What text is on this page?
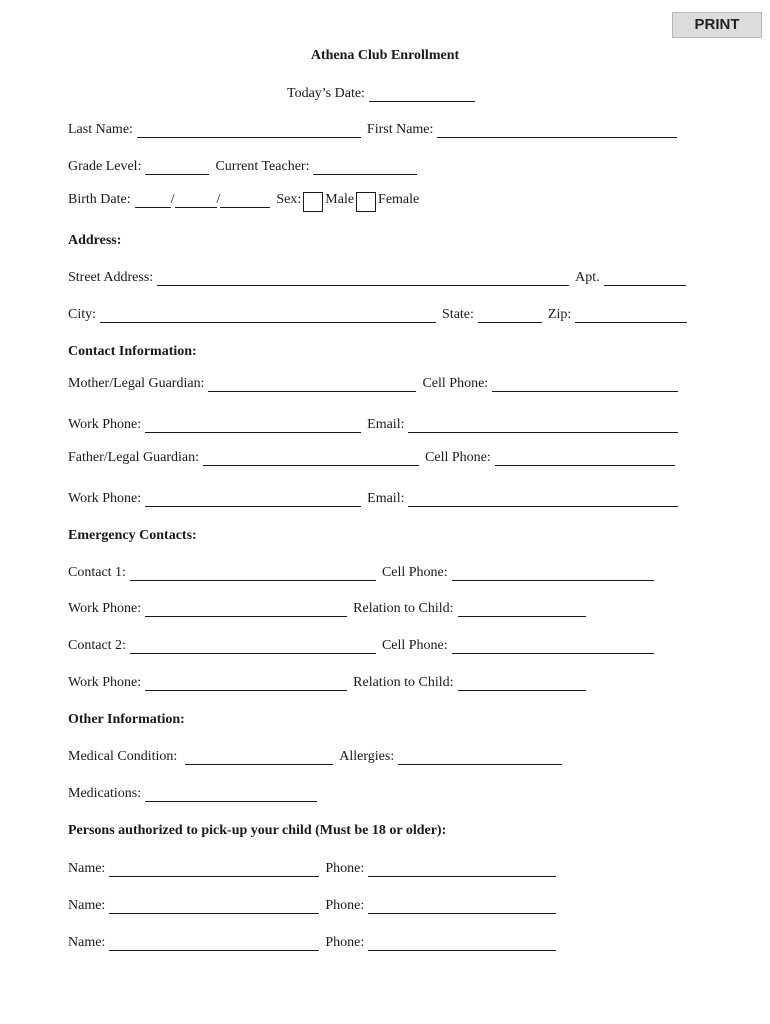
PRINT
Athena Club Enrollment
Today’s Date:
Last Name:	First Name:
Grade Level:	Current Teacher:
Birth Date:	/	/	Sex: Male Female
Address:
Street Address:	Apt.
City:	State:	Zip:
Contact Information:
Mother/Legal Guardian:	Cell Phone:
Work Phone:	Email:
Father/Legal Guardian:	Cell Phone:
Work Phone:	Email:
Emergency Contacts:
Contact 1:	Cell Phone:
Work Phone:	Relation to Child:
Contact 2:	Cell Phone:
Work Phone:	Relation to Child:
Other Information:
Medical Condition:	Allergies:
Medications:
Persons authorized to pick-up your child (Must be 18 or older):
Name:	Phone:
Name:	Phone:
Name:	Phone:
